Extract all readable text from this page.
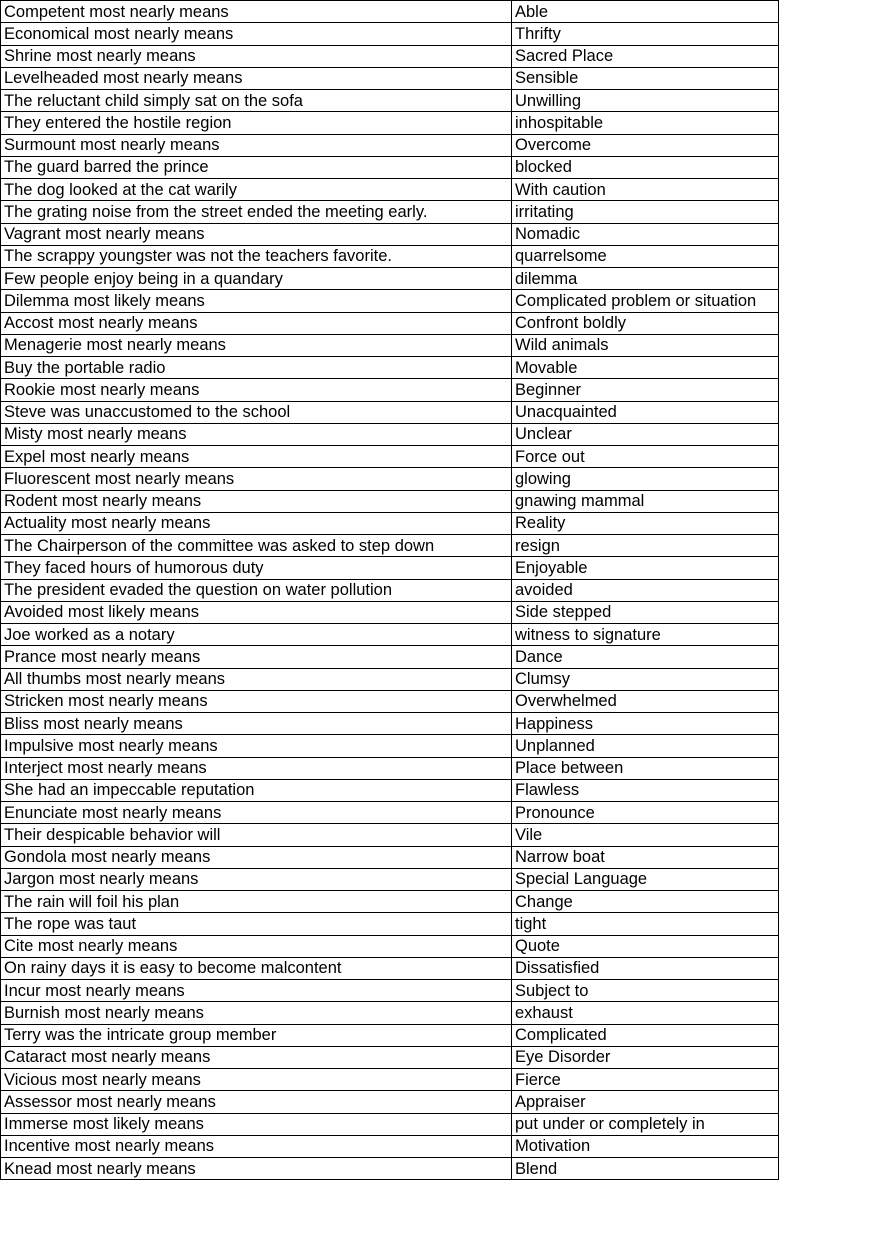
Competent most nearly means	Able
Economical most nearly means	Thrifty
Shrine most nearly means	Sacred Place
Levelheaded most nearly means	Sensible
The reluctant child simply sat on the sofa	Unwilling
They entered the hostile region	inhospitable
Surmount most nearly means	Overcome
The guard barred the prince	blocked
The dog looked at the cat warily	With caution
The grating noise from the street ended the meeting early.	irritating
Vagrant most nearly means	Nomadic
The scrappy youngster was not the teachers favorite.	quarrelsome
Few people enjoy being in a quandary	dilemma
Dilemma most likely means	Complicated problem or situation
Accost most nearly means	Confront boldly
Menagerie most nearly means	Wild animals
Buy the portable radio	Movable
Rookie most nearly means	Beginner
Steve was unaccustomed to the school	Unacquainted
Misty most nearly means	Unclear
Expel most nearly means	Force out
Fluorescent most nearly means	glowing
Rodent most nearly means	gnawing mammal
Actuality most nearly means	Reality
The Chairperson of the committee was asked to step down	resign
They faced hours of humorous duty	Enjoyable
The president evaded the question on water pollution	avoided
Avoided most likely means	Side stepped
Joe worked as a notary	witness to signature
Prance most nearly means	Dance
All thumbs most nearly means	Clumsy
Stricken most nearly means	Overwhelmed
Bliss most nearly means	Happiness
Impulsive most nearly means	Unplanned
Interject most nearly means	Place between
She had an impeccable reputation	Flawless
Enunciate most nearly means	Pronounce
Their despicable behavior will	Vile
Gondola most nearly means	Narrow boat
Jargon most nearly means	Special Language
The rain will foil his plan	Change
The rope was taut	tight
Cite most nearly means	Quote
On rainy days it is easy to become malcontent	Dissatisfied
Incur most nearly means	Subject to
Burnish most nearly means	exhaust
Terry was the intricate group member	Complicated
Cataract most nearly means	Eye Disorder
Vicious most nearly means	Fierce
Assessor most nearly means	Appraiser
Immerse most likely means	put under or completely in
Incentive most nearly means	Motivation
Knead most nearly means	Blend
